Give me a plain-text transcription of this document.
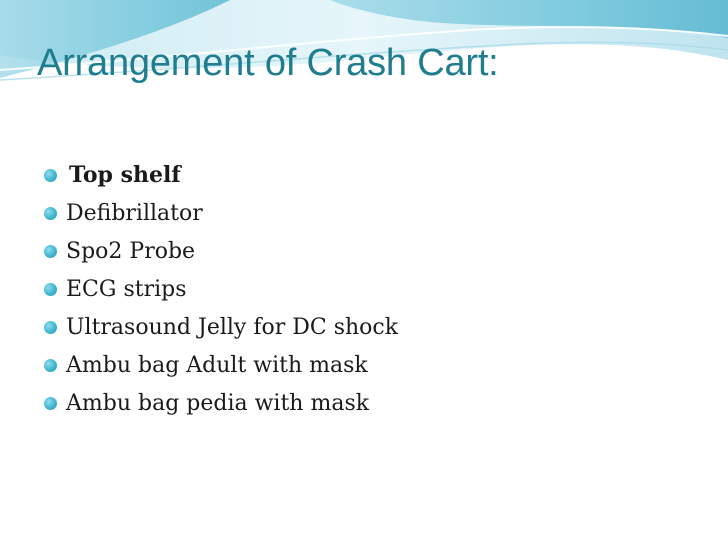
Arrangement of Crash Cart:
Top shelf
Defibrillator
Spo2 Probe
ECG strips
Ultrasound Jelly for DC shock
Ambu bag Adult with mask
Ambu bag pedia with mask
